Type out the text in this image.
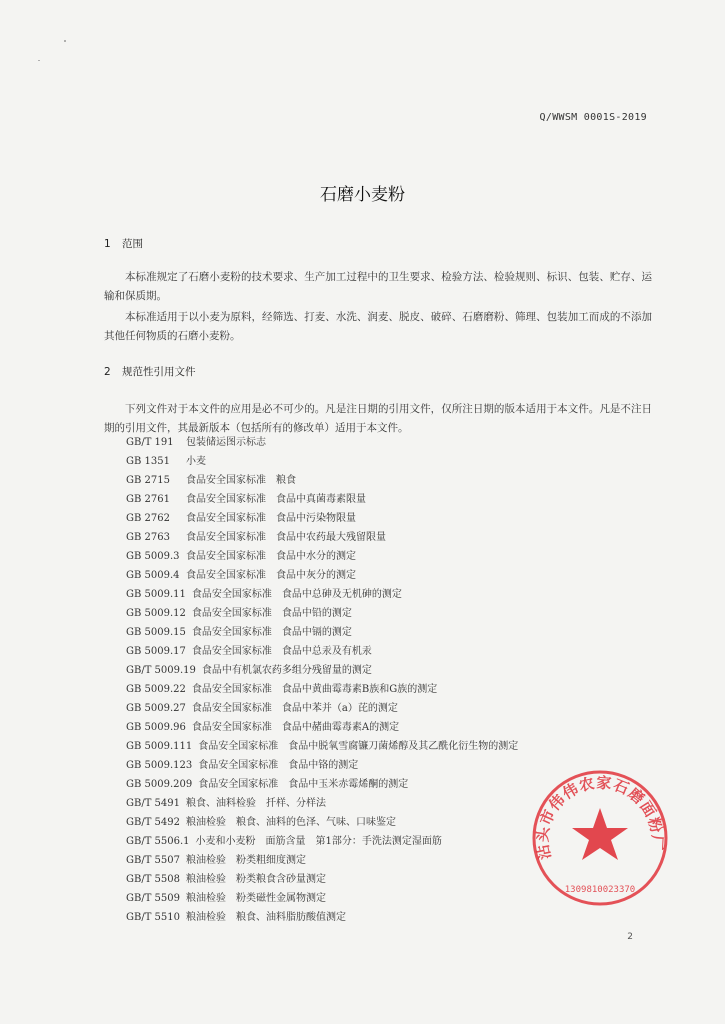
Q/WWSM 0001S-2019
石磨小麦粉
1 范围
本标准规定了石磨小麦粉的技术要求、生产加工过程中的卫生要求、检验方法、检验规则、标识、包装、贮存、运输和保质期。
本标准适用于以小麦为原料，经筛选、打麦、水洗、润麦、脱皮、破碎、石磨磨粉、筛理、包装加工而成的不添加其他任何物质的石磨小麦粉。
2 规范性引用文件
下列文件对于本文件的应用是必不可少的。凡是注日期的引用文件，仅所注日期的版本适用于本文件。凡是不注日期的引用文件，其最新版本（包括所有的修改单）适用于本文件。
GB/T 191 包装储运图示标志
GB 1351 小麦
GB 2715 食品安全国家标准　粮食
GB 2761 食品安全国家标准　食品中真菌毒素限量
GB 2762 食品安全国家标准　食品中污染物限量
GB 2763 食品安全国家标准　食品中农药最大残留限量
GB 5009.3 食品安全国家标准　食品中水分的测定
GB 5009.4 食品安全国家标准　食品中灰分的测定
GB 5009.11 食品安全国家标准　食品中总砷及无机砷的测定
GB 5009.12 食品安全国家标准　食品中铅的测定
GB 5009.15 食品安全国家标准　食品中镉的测定
GB 5009.17 食品安全国家标准　食品中总汞及有机汞
GB/T 5009.19 食品中有机氯农药多组分残留量的测定
GB 5009.22 食品安全国家标准　食品中黄曲霉毒素B族和G族的测定
GB 5009.27 食品安全国家标准　食品中苯并（a）芘的测定
GB 5009.96 食品安全国家标准　食品中赭曲霉毒素A的测定
GB 5009.111 食品安全国家标准　食品中脱氧雪腐镰刀菌烯醇及其乙酰化衍生物的测定
GB 5009.123 食品安全国家标准　食品中铬的测定
GB 5009.209 食品安全国家标准　食品中玉米赤霉烯酮的测定
GB/T 5491 粮食、油料检验　扦样、分样法
GB/T 5492 粮油检验　粮食、油料的色泽、气味、口味鉴定
GB/T 5506.1 小麦和小麦粉　面筋含量　第1部分：手洗法测定湿面筋
GB/T 5507 粮油检验　粉类粗细度测定
GB/T 5508 粮油检验　粉类粮食含砂量测定
GB/T 5509 粮油检验　粉类磁性金属物测定
GB/T 5510 粮油检验　粮食、油料脂肪酸值测定
沾头市伟伟农家石磨面粉厂
1309810023370
2
